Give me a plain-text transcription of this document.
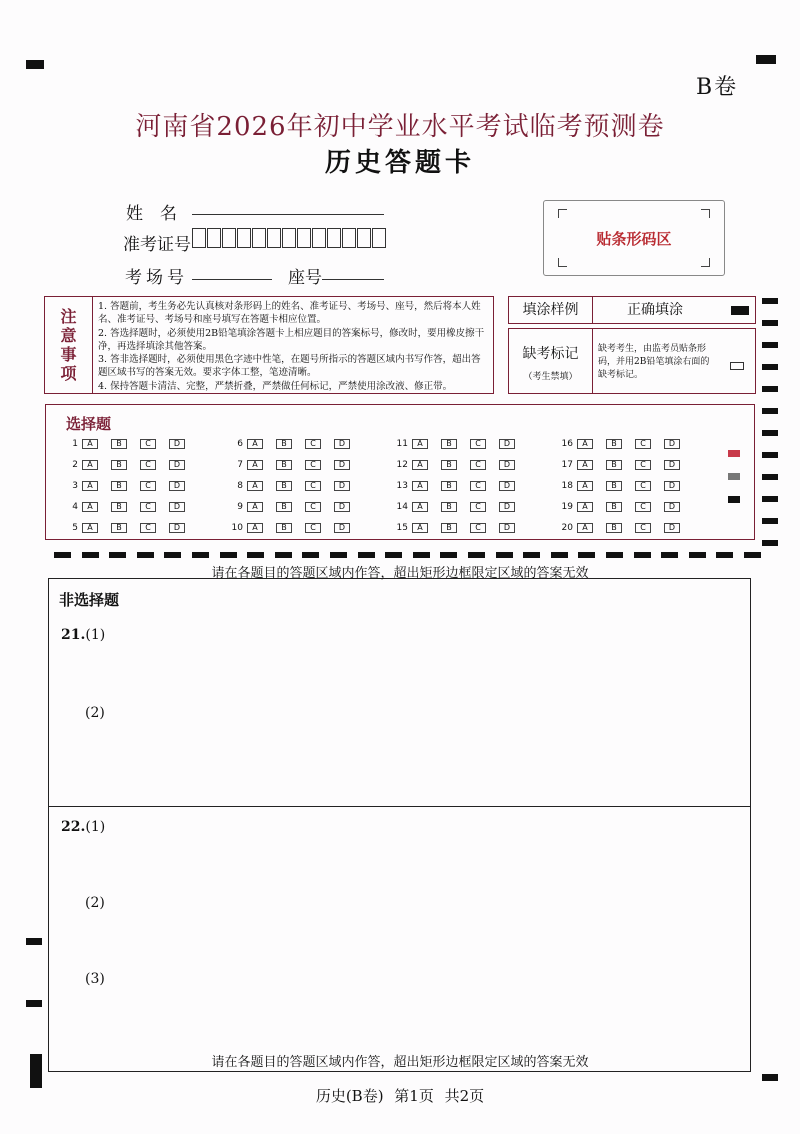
B卷
河南省2026年初中学业水平考试临考预测卷
历史答题卡
姓　名
准考证号
考场号	座号
贴条形码区
注
意
事
项
1. 答题前，考生务必先认真核对条形码上的姓名、准考证号、考场号、座号，然后将本人姓名、准考证号、考场号和座号填写在答题卡相应位置。
2. 答选择题时，必须使用2B铅笔填涂答题卡上相应题目的答案标号，修改时，要用橡皮擦干净，再选择填涂其他答案。
3. 答非选择题时，必须使用黑色字迹中性笔，在题号所指示的答题区域内书写作答，超出答题区域书写的答案无效。要求字体工整，笔迹清晰。
4. 保持答题卡清洁、完整，严禁折叠，严禁做任何标记，严禁使用涂改液、修正带。
填涂样例	正确填涂
缺考标记
（考生禁填）
缺考考生，由监考员贴条形码，并用2B铅笔填涂右面的缺考标记。
选择题
1	A	B	C	D
2	A	B	C	D
3	A	B	C	D
4	A	B	C	D
5	A	B	C	D
6	A	B	C	D
7	A	B	C	D
8	A	B	C	D
9	A	B	C	D
10	A	B	C	D
11	A	B	C	D
12	A	B	C	D
13	A	B	C	D
14	A	B	C	D
15	A	B	C	D
16	A	B	C	D
17	A	B	C	D
18	A	B	C	D
19	A	B	C	D
20	A	B	C	D
请在各题目的答题区域内作答，超出矩形边框限定区域的答案无效
非选择题
21.(1)
(2)
22.(1)
(2)
(3)
请在各题目的答题区域内作答，超出矩形边框限定区域的答案无效
历史(B卷) 第1页 共2页
